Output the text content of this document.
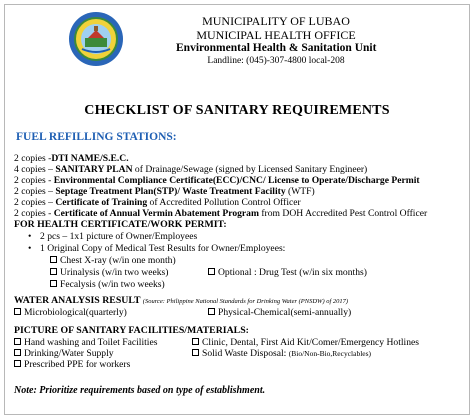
MUNICIPALITY OF LUBAO
MUNICIPAL HEALTH OFFICE
Environmental Health & Sanitation Unit
Landline: (045)-307-4800 local-208
CHECKLIST OF SANITARY REQUIREMENTS
FUEL REFILLING STATIONS:
2 copies -DTI NAME/S.E.C.
4 copies – SANITARY PLAN of Drainage/Sewage (signed by Licensed Sanitary Engineer)
2 copies - Environmental Compliance Certificate(ECC)/CNC/ License to Operate/Discharge Permit
2 copies – Septage Treatment Plan(STP)/ Waste Treatment Facility (WTF)
2 copies – Certificate of Training of Accredited Pollution Control Officer
2 copies - Certificate of Annual Vermin Abatement Program from DOH Accredited Pest Control Officer
FOR HEALTH CERTIFICATE/WORK PERMIT:
• 2 pcs – 1x1 picture of Owner/Employees
• 1 Original Copy of Medical Test Results for Owner/Employees:
Chest X-ray (w/in one month)
Urinalysis (w/in two weeks)	Optional : Drug Test (w/in six months)
Fecalysis (w/in two weeks)
WATER ANALYSIS RESULT (Source: Philippine National Standards for Drinking Water (PNSDW) of 2017)
Microbiological(quarterly)	Physical-Chemical(semi-annually)
PICTURE OF SANITARY FACILITIES/MATERIALS:
Hand washing and Toilet Facilities	Clinic, Dental, First Aid Kit/Comer/Emergency Hotlines
Drinking/Water Supply	Solid Waste Disposal: (Bio/Non-Bio,Recyclables)
Prescribed PPE for workers
Note: Prioritize requirements based on type of establishment.
